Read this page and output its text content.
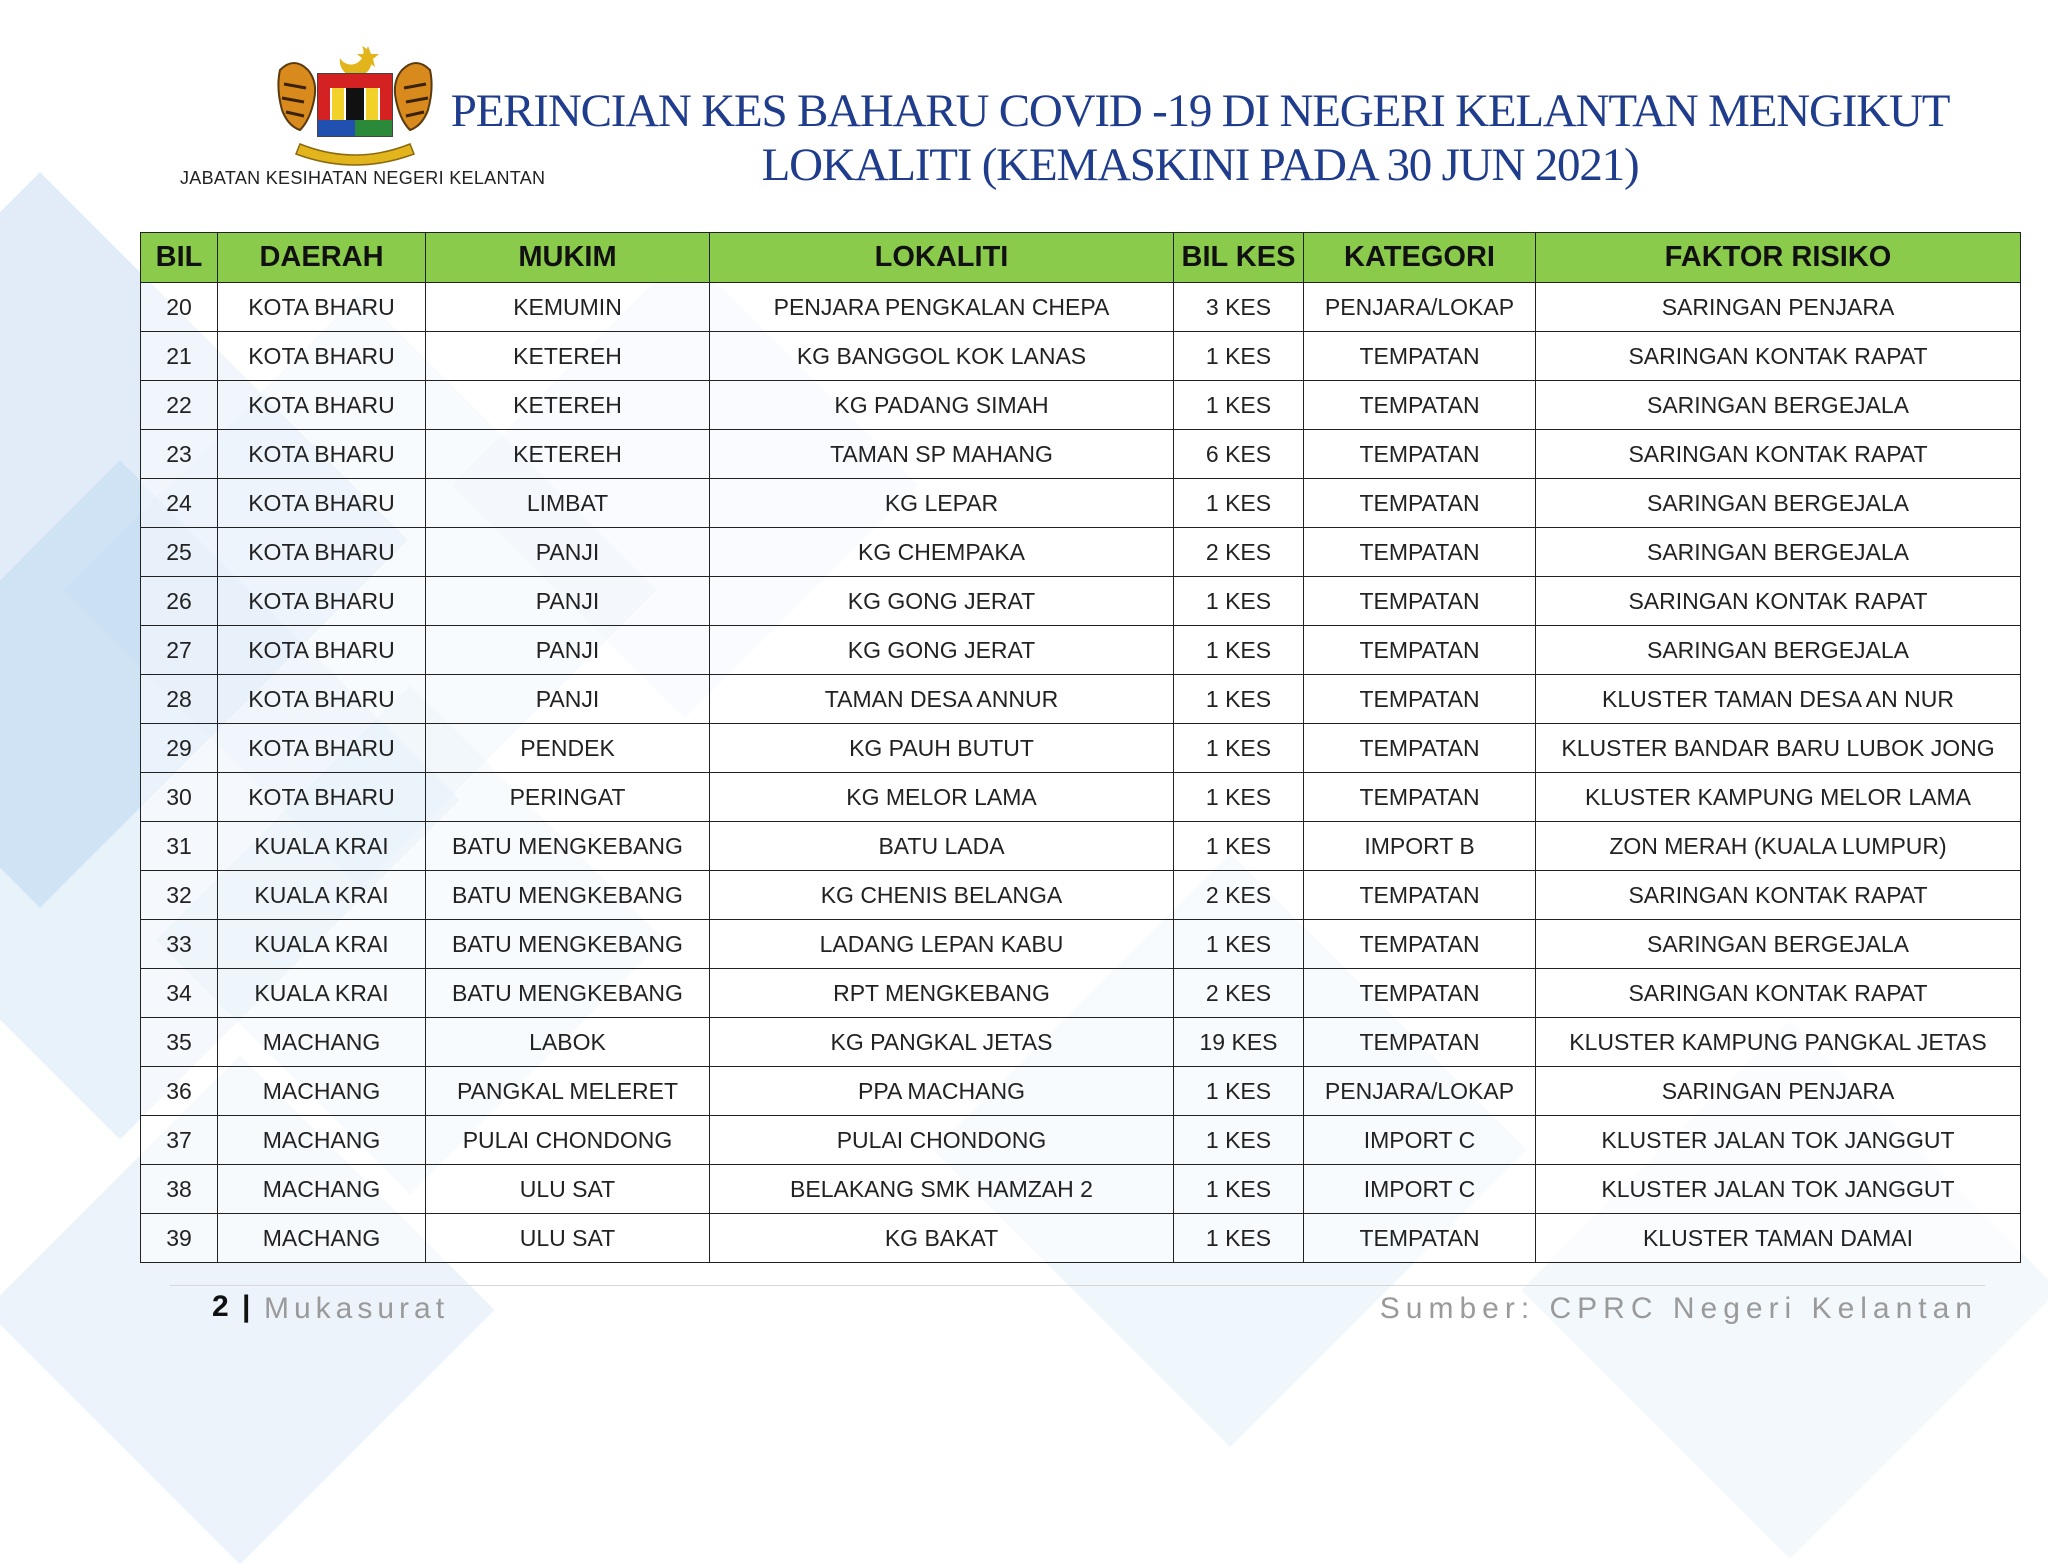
JABATAN KESIHATAN NEGERI KELANTAN
PERINCIAN KES BAHARU COVID -19 DI NEGERI KELANTAN MENGIKUT
LOKALITI (KEMASKINI PADA 30 JUN 2021)
BIL	DAERAH	MUKIM	LOKALITI	BIL KES	KATEGORI	FAKTOR RISIKO
20	KOTA BHARU	KEMUMIN	PENJARA PENGKALAN CHEPA	3 KES	PENJARA/LOKAP	SARINGAN PENJARA
21	KOTA BHARU	KETEREH	KG BANGGOL KOK LANAS	1 KES	TEMPATAN	SARINGAN KONTAK RAPAT
22	KOTA BHARU	KETEREH	KG PADANG SIMAH	1 KES	TEMPATAN	SARINGAN BERGEJALA
23	KOTA BHARU	KETEREH	TAMAN SP MAHANG	6 KES	TEMPATAN	SARINGAN KONTAK RAPAT
24	KOTA BHARU	LIMBAT	KG LEPAR	1 KES	TEMPATAN	SARINGAN BERGEJALA
25	KOTA BHARU	PANJI	KG CHEMPAKA	2 KES	TEMPATAN	SARINGAN BERGEJALA
26	KOTA BHARU	PANJI	KG GONG JERAT	1 KES	TEMPATAN	SARINGAN KONTAK RAPAT
27	KOTA BHARU	PANJI	KG GONG JERAT	1 KES	TEMPATAN	SARINGAN BERGEJALA
28	KOTA BHARU	PANJI	TAMAN DESA ANNUR	1 KES	TEMPATAN	KLUSTER TAMAN DESA AN NUR
29	KOTA BHARU	PENDEK	KG PAUH BUTUT	1 KES	TEMPATAN	KLUSTER BANDAR BARU LUBOK JONG
30	KOTA BHARU	PERINGAT	KG MELOR LAMA	1 KES	TEMPATAN	KLUSTER KAMPUNG MELOR LAMA
31	KUALA KRAI	BATU MENGKEBANG	BATU LADA	1 KES	IMPORT B	ZON MERAH (KUALA LUMPUR)
32	KUALA KRAI	BATU MENGKEBANG	KG CHENIS BELANGA	2 KES	TEMPATAN	SARINGAN KONTAK RAPAT
33	KUALA KRAI	BATU MENGKEBANG	LADANG LEPAN KABU	1 KES	TEMPATAN	SARINGAN BERGEJALA
34	KUALA KRAI	BATU MENGKEBANG	RPT MENGKEBANG	2 KES	TEMPATAN	SARINGAN KONTAK RAPAT
35	MACHANG	LABOK	KG PANGKAL JETAS	19 KES	TEMPATAN	KLUSTER KAMPUNG PANGKAL JETAS
36	MACHANG	PANGKAL MELERET	PPA MACHANG	1 KES	PENJARA/LOKAP	SARINGAN PENJARA
37	MACHANG	PULAI CHONDONG	PULAI CHONDONG	1 KES	IMPORT C	KLUSTER JALAN TOK JANGGUT
38	MACHANG	ULU SAT	BELAKANG SMK HAMZAH 2	1 KES	IMPORT C	KLUSTER JALAN TOK JANGGUT
39	MACHANG	ULU SAT	KG BAKAT	1 KES	TEMPATAN	KLUSTER TAMAN DAMAI
2 | Mukasurat	Sumber: CPRC Negeri Kelantan
